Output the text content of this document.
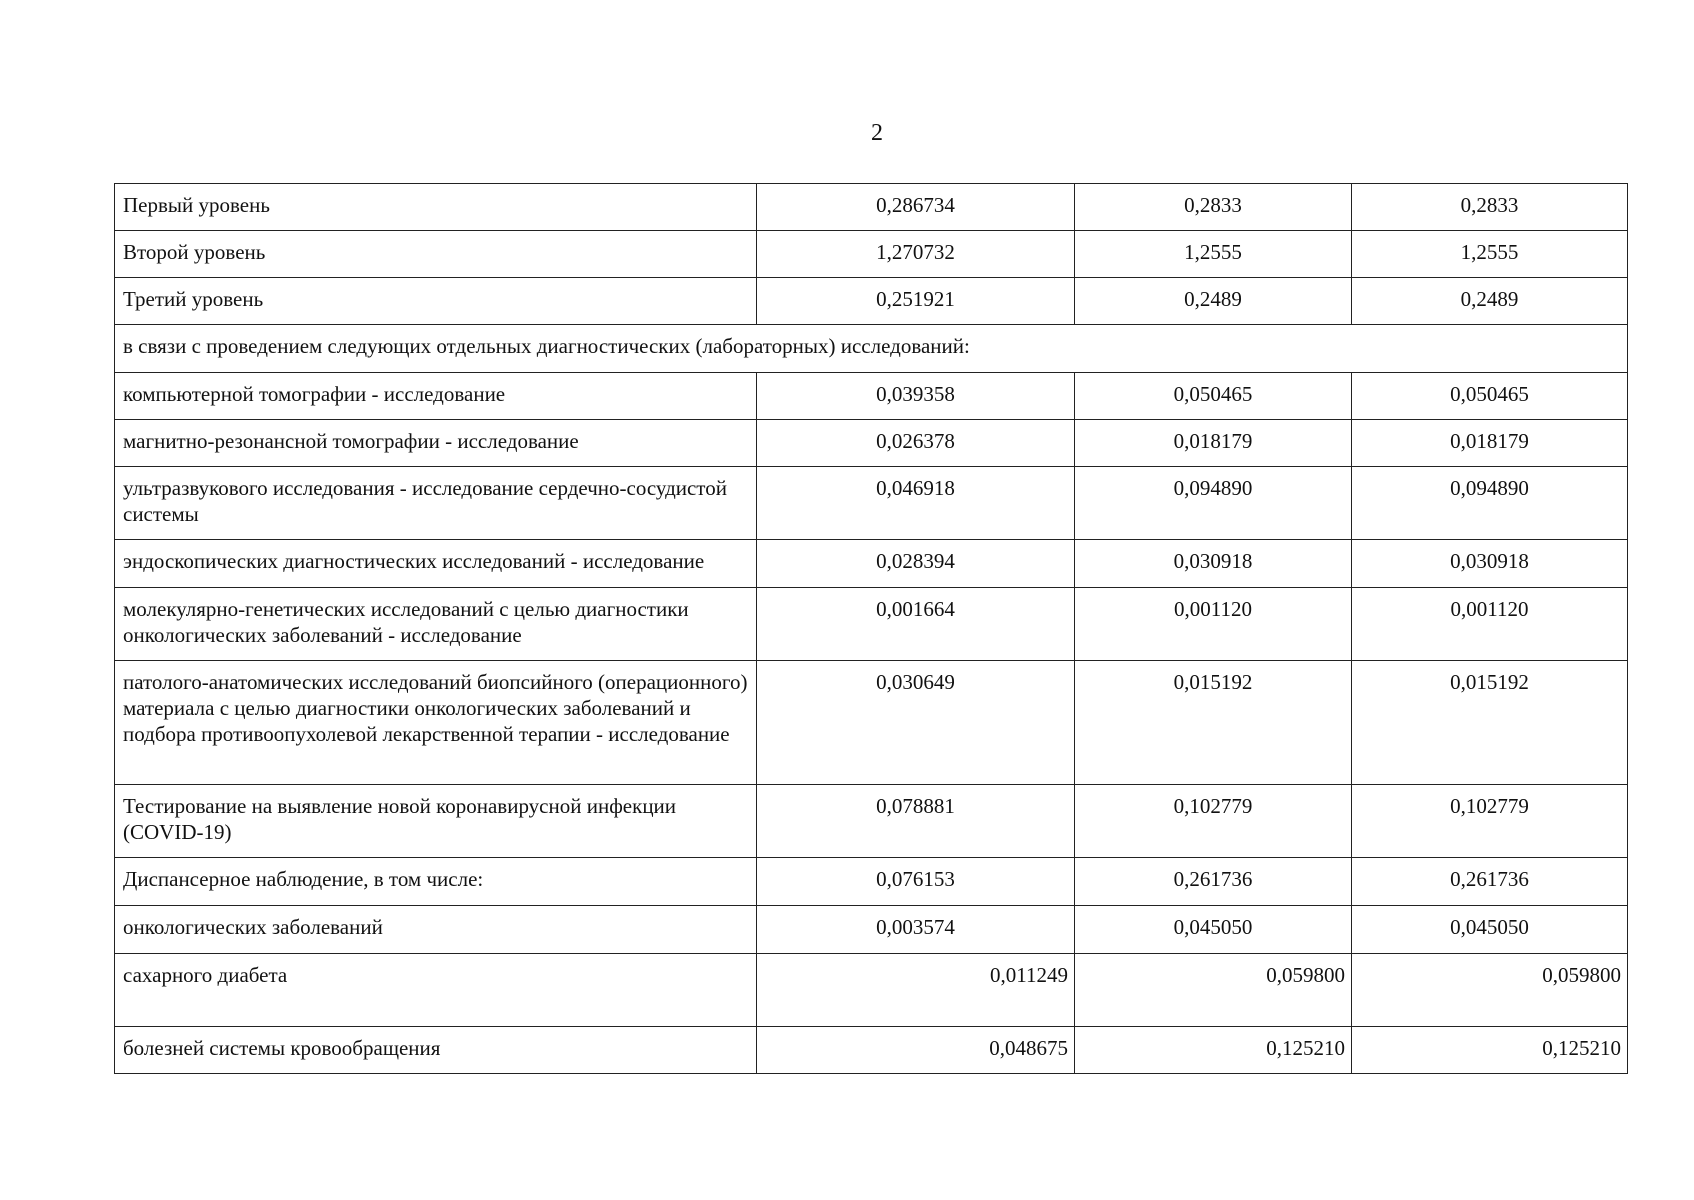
2
Первый уровень	0,286734	0,2833	0,2833
Второй уровень	1,270732	1,2555	1,2555
Третий уровень	0,251921	0,2489	0,2489
в связи с проведением следующих отдельных диагностических (лабораторных) исследований:			
компьютерной томографии - исследование	0,039358	0,050465	0,050465
магнитно-резонансной томографии - исследование	0,026378	0,018179	0,018179
ультразвукового исследования - исследование сердечно-сосудистой системы	0,046918	0,094890	0,094890
эндоскопических диагностических исследований - исследование	0,028394	0,030918	0,030918
молекулярно-генетических исследований с целью диагностики онкологических заболеваний - исследование	0,001664	0,001120	0,001120
патолого-анатомических исследований биопсийного (операционного) материала с целью диагностики онкологических заболеваний и подбора противоопухолевой лекарственной терапии - исследование	0,030649	0,015192	0,015192
Тестирование на выявление новой коронавирусной инфекции (COVID-19)	0,078881	0,102779	0,102779
Диспансерное наблюдение, в том числе:	0,076153	0,261736	0,261736
онкологических заболеваний	0,003574	0,045050	0,045050
сахарного диабета	0,011249	0,059800	0,059800
болезней системы кровообращения	0,048675	0,125210	0,125210
